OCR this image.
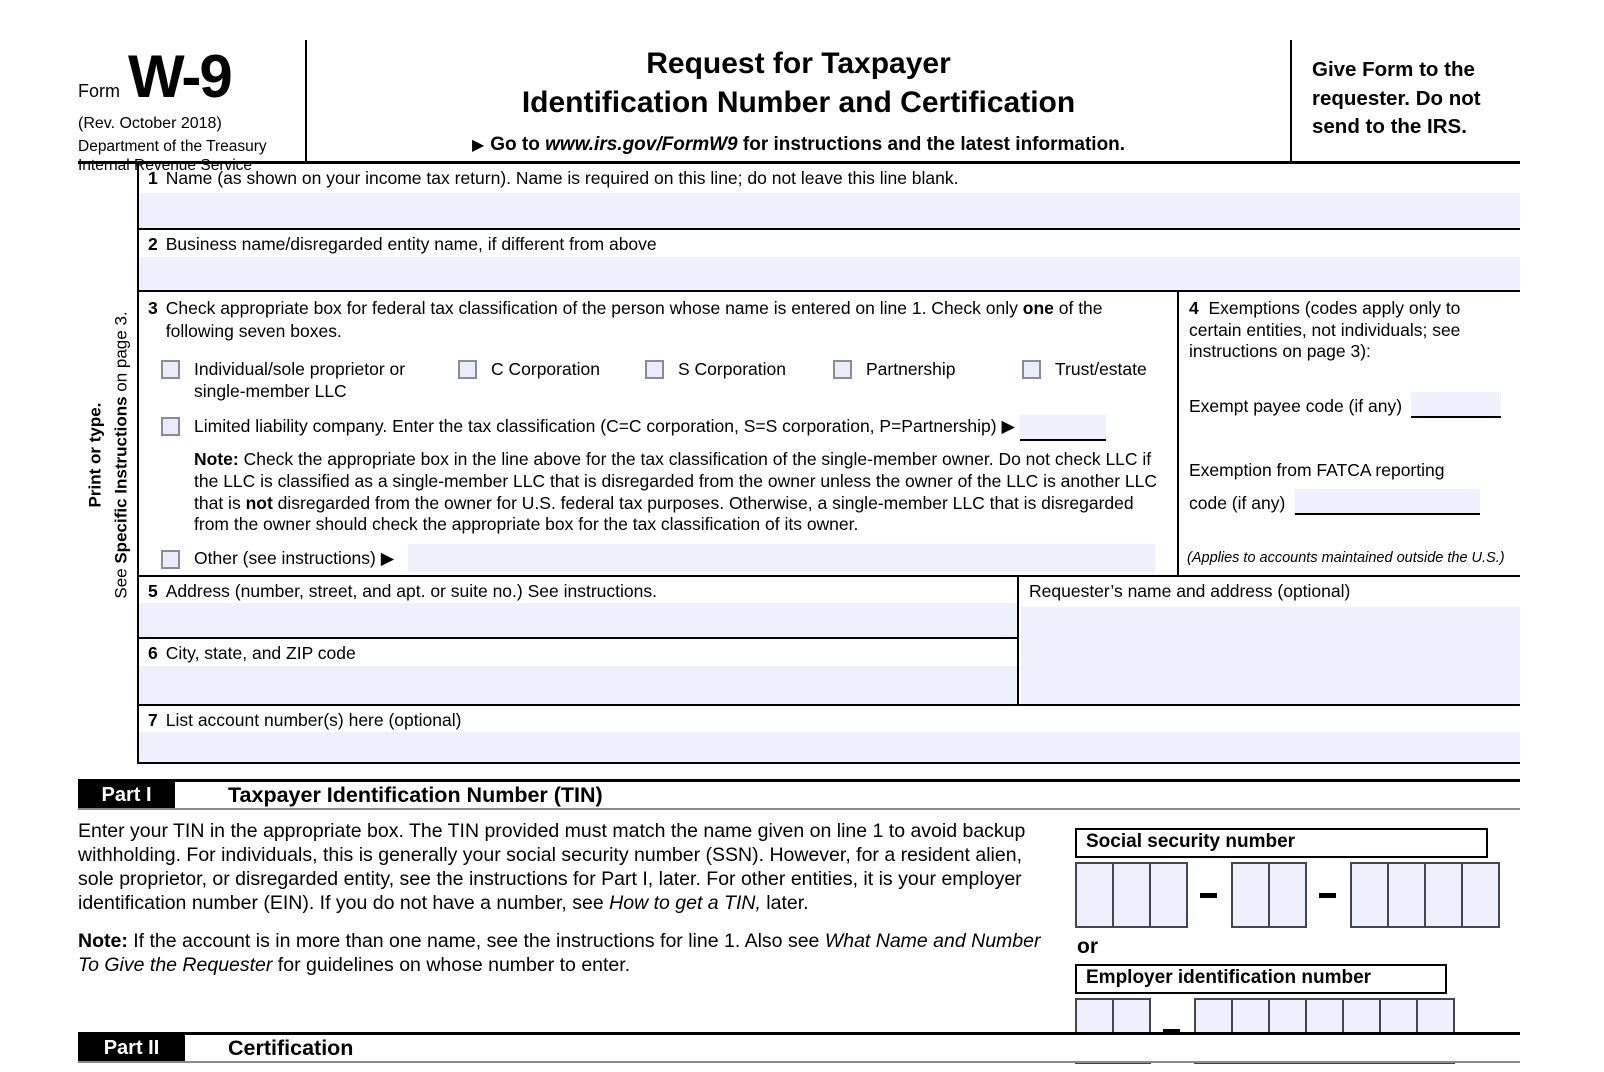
Form W-9
(Rev. October 2018)
Department of the Treasury
Internal Revenue Service
Request for Taxpayer
Identification Number and Certification
▶ Go to www.irs.gov/FormW9 for instructions and the latest information.
Give Form to the requester. Do not send to the IRS.
Print or type.
See Specific Instructions on page 3.
1 Name (as shown on your income tax return). Name is required on this line; do not leave this line blank.
2 Business name/disregarded entity name, if different from above
3 Check appropriate box for federal tax classification of the person whose name is entered on line 1. Check only one of the following seven boxes.
Individual/sole proprietor or single-member LLC
C Corporation	S Corporation	Partnership	Trust/estate
Limited liability company. Enter the tax classification (C=C corporation, S=S corporation, P=Partnership) ▶
Note: Check the appropriate box in the line above for the tax classification of the single-member owner. Do not check LLC if the LLC is classified as a single-member LLC that is disregarded from the owner unless the owner of the LLC is another LLC that is not disregarded from the owner for U.S. federal tax purposes. Otherwise, a single-member LLC that is disregarded from the owner should check the appropriate box for the tax classification of its owner.
Other (see instructions) ▶
4 Exemptions (codes apply only to certain entities, not individuals; see instructions on page 3):
Exempt payee code (if any)
Exemption from FATCA reporting
code (if any)
(Applies to accounts maintained outside the U.S.)
5 Address (number, street, and apt. or suite no.) See instructions.
6 City, state, and ZIP code
Requester’s name and address (optional)
7 List account number(s) here (optional)
Part I	Taxpayer Identification Number (TIN)
Enter your TIN in the appropriate box. The TIN provided must match the name given on line 1 to avoid backup withholding. For individuals, this is generally your social security number (SSN). However, for a resident alien, sole proprietor, or disregarded entity, see the instructions for Part I, later. For other entities, it is your employer identification number (EIN). If you do not have a number, see How to get a TIN, later.
Note: If the account is in more than one name, see the instructions for line 1. Also see What Name and Number To Give the Requester for guidelines on whose number to enter.
Social security number
or
Employer identification number
Part II	Certification
